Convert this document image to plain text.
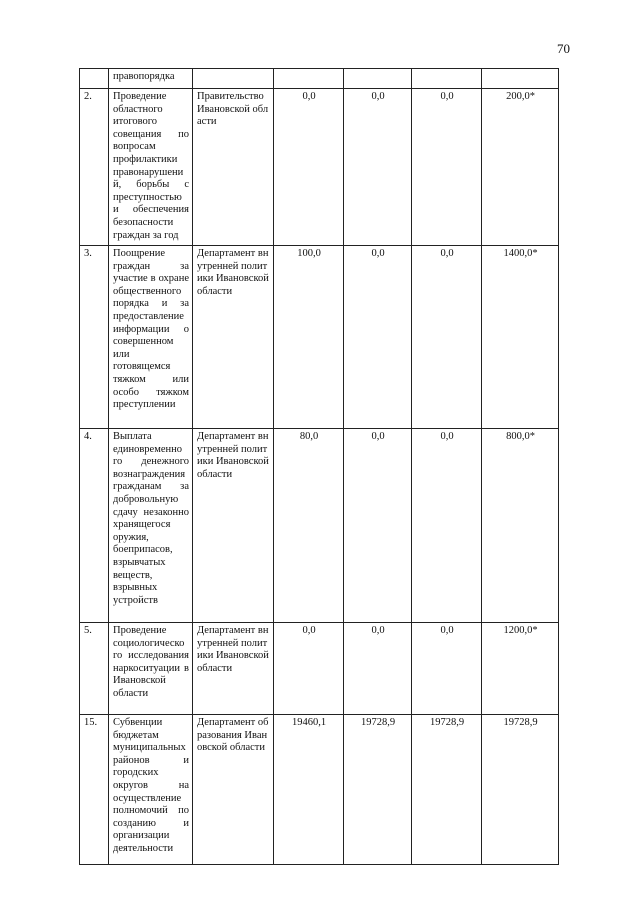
70

	правопорядка					

2.	Проведение областного итогового совещания по вопросам профилактики правонарушени й, борьбы с преступностью и обеспечения безопасности граждан за год	Правительство Ивановской области	0,0	0,0	0,0	200,0*
3.	Поощрение граждан за участие в охране общественного порядка и за предоставление информации о совершенном или готовящемся тяжком или особо тяжком преступлении	Департамент внутренней политики Ивановской области	100,0	0,0	0,0	1400,0*
4.	Выплата единовременно го денежного вознаграждения гражданам за добровольную сдачу незаконно хранящегося оружия, боеприпасов, взрывчатых веществ, взрывных устройств	Департамент внутренней политики Ивановской области	80,0	0,0	0,0	800,0*
5.	Проведение социологическо го исследования наркоситуации в Ивановской области	Департамент внутренней политики Ивановской области	0,0	0,0	0,0	1200,0*
15.	Субвенции бюджетам муниципальных районов и городских округов на осуществление полномочий по созданию и организации деятельности	Департамент образования Ивановской области	19460,1	19728,9	19728,9	19728,9
